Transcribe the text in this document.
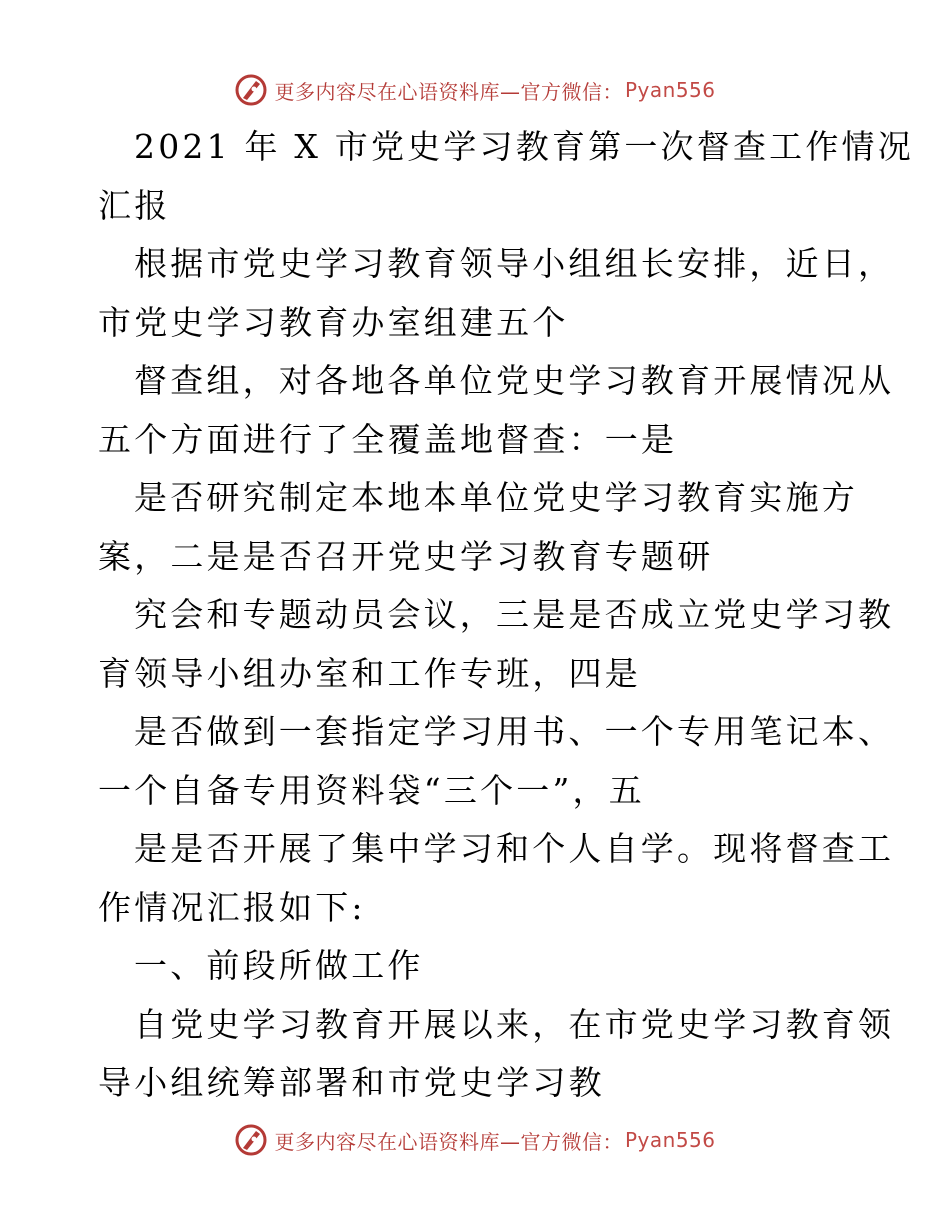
更多内容尽在心语资料库—官方微信： Pyan556
2021 年 X 市党史学习教育第一次督查工作情况
汇报
根据市党史学习教育领导小组组长安排，近日，
市党史学习教育办室组建五个
督查组，对各地各单位党史学习教育开展情况从
五个方面进行了全覆盖地督查：一是
是否研究制定本地本单位党史学习教育实施方
案，二是是否召开党史学习教育专题研
究会和专题动员会议，三是是否成立党史学习教
育领导小组办室和工作专班，四是
是否做到一套指定学习用书、一个专用笔记本、
一个自备专用资料袋“三个一”，五
是是否开展了集中学习和个人自学。现将督查工
作情况汇报如下:
一、前段所做工作
自党史学习教育开展以来，在市党史学习教育领
导小组统筹部署和市党史学习教
更多内容尽在心语资料库—官方微信： Pyan556
